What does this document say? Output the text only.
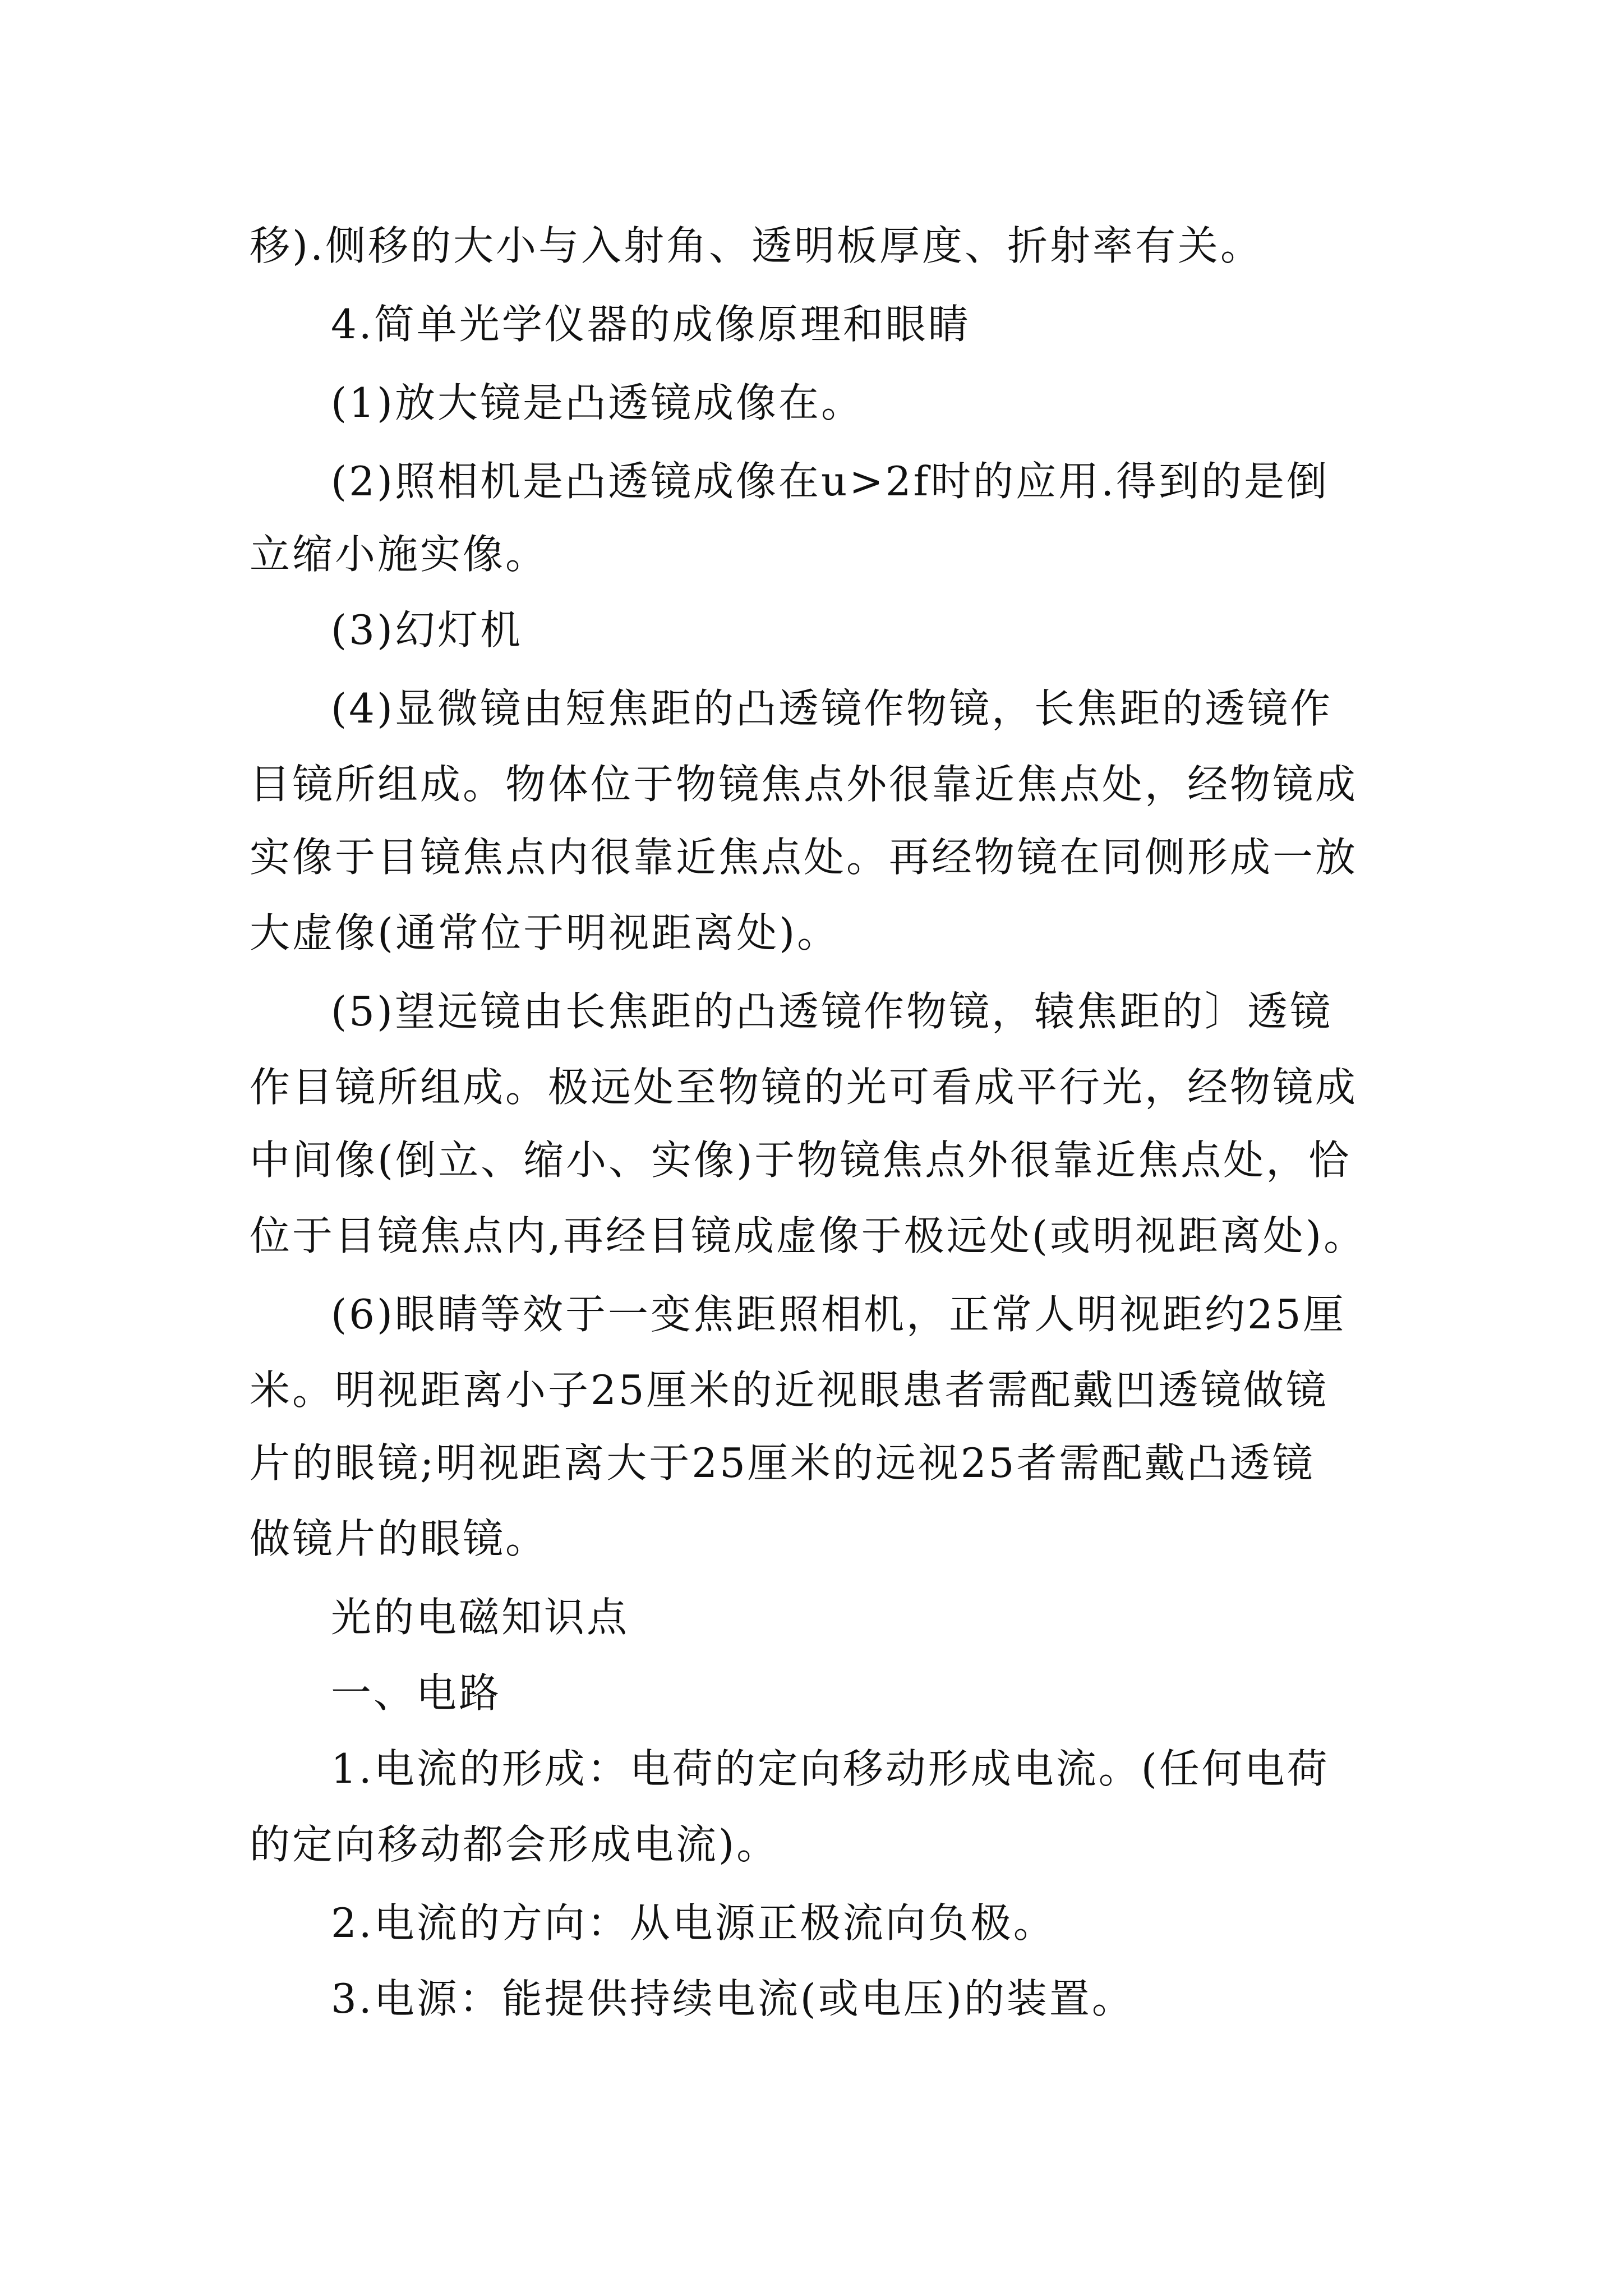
移).侧移的大小与入射角、透明板厚度、折射率有关。

4.简单光学仪器的成像原理和眼睛

(1)放大镜是凸透镜成像在。

(2)照相机是凸透镜成像在u>2f时的应用.得到的是倒

立缩小施实像。

(3)幻灯机

(4)显微镜由短焦距的凸透镜作物镜，长焦距的透镜作

目镜所组成。物体位于物镜焦点外很靠近焦点处，经物镜成

实像于目镜焦点内很靠近焦点处。再经物镜在同侧形成一放

大虚像(通常位于明视距离处)。

(5)望远镜由长焦距的凸透镜作物镜，辕焦距的〕透镜

作目镜所组成。极远处至物镜的光可看成平行光，经物镜成

中间像(倒立、缩小、实像)于物镜焦点外很靠近焦点处，恰

位于目镜焦点内,再经目镜成虚像于极远处(或明视距离处)。

(6)眼睛等效于一变焦距照相机，正常人明视距约25厘

米。明视距离小子25厘米的近视眼患者需配戴凹透镜做镜

片的眼镜;明视距离大于25厘米的远视25者需配戴凸透镜

做镜片的眼镜。

光的电磁知识点

一、电路

1.电流的形成：电荷的定向移动形成电流。(任何电荷

的定向移动都会形成电流)。

2.电流的方向：从电源正极流向负极。

3.电源：能提供持续电流(或电压)的装置。
